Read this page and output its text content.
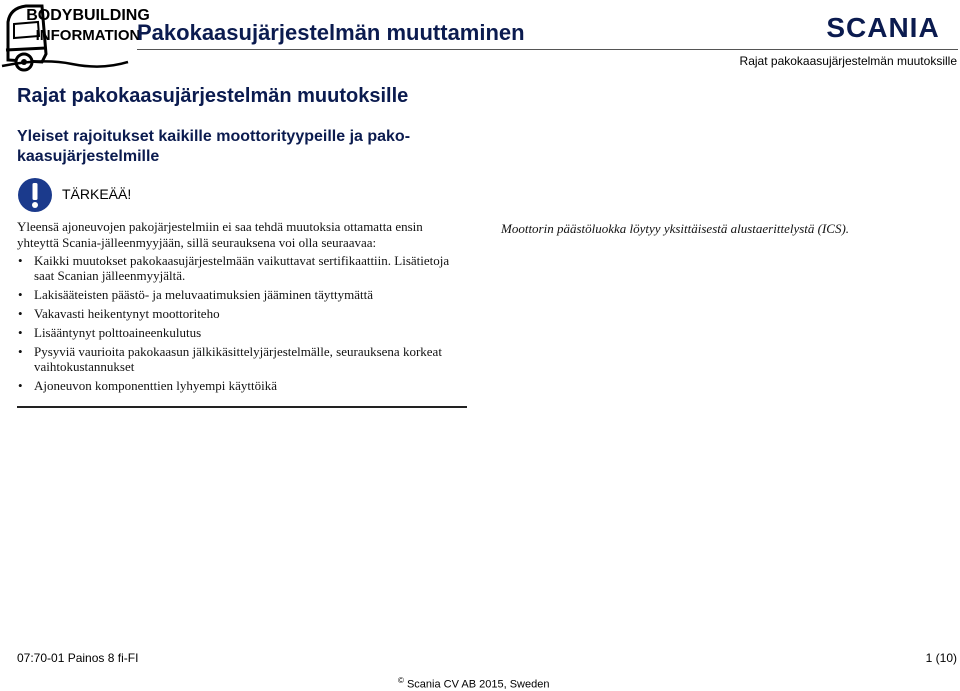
BODYBUILDING
INFORMATION
Pakokaasujärjestelmän muuttaminen	SCANIA
Rajat pakokaasujärjestelmän muutoksille
Rajat pakokaasujärjestelmän muutoksille
Yleiset rajoitukset kaikille moottorityypeille ja pako-kaasujärjestelmille
TÄRKEÄÄ!
Yleensä ajoneuvojen pakojärjestelmiin ei saa tehdä muutoksia ottamatta ensin yhteyttä Scania-jälleenmyyjään, sillä seurauksena voi olla seuraavaa:
• Kaikki muutokset pakokaasujärjestelmään vaikuttavat sertifikaattiin. Lisätietoja saat Scanian jälleenmyyjältä.
• Lakisääteisten päästö- ja meluvaatimuksien jääminen täyttymättä
• Vakavasti heikentynyt moottoriteho
• Lisääntynyt polttoaineenkulutus
• Pysyviä vaurioita pakokaasun jälkikäsittelyjärjestelmälle, seurauksena korkeat vaihtokustannukset
• Ajoneuvon komponenttien lyhyempi käyttöikä
Moottorin päästöluokka löytyy yksittäisestä alustaerittelystä (ICS).
07:70-01 Painos 8 fi-FI	1 (10)
© Scania CV AB 2015, Sweden
